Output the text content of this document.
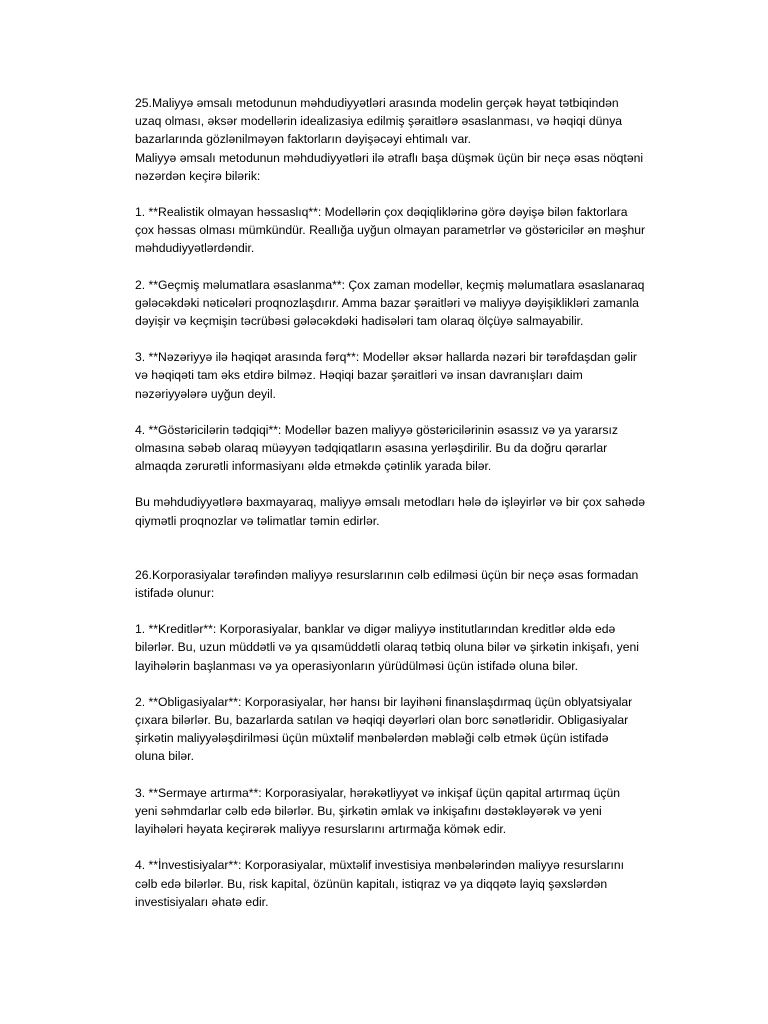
25.Maliyyə əmsalı metodunun məhdudiyyətləri arasında modelin gerçək həyat tətbiqindən
uzaq olması, əksər modellərin idealizasiya edilmiş şəraitlərə əsaslanması, və həqiqi dünya
bazarlarında gözlənilməyən faktorların dəyişəcəyi ehtimalı var.
Maliyyə əmsalı metodunun məhdudiyyətləri ilə ətraflı başa düşmək üçün bir neçə əsas nöqtəni
nəzərdən keçirə bilərik:

1. **Realistik olmayan həssaslıq**: Modellərin çox dəqiqliklərinə görə dəyişə bilən faktorlara
çox həssas olması mümkündür. Reallığa uyğun olmayan parametrlər və göstəricilər ən məşhur
məhdudiyyətlərdəndir.

2. **Geçmiş məlumatlara əsaslanma**: Çox zaman modellər, keçmiş məlumatlara əsaslanaraq
gələcəkdəki nəticələri proqnozlaşdırır. Amma bazar şəraitləri və maliyyə dəyişiklikləri zamanla
dəyişir və keçmişin təcrübəsi gələcəkdəki hadisələri tam olaraq ölçüyə salmayabilir.

3. **Nəzəriyyə ilə həqiqət arasında fərq**: Modellər əksər hallarda nəzəri bir tərəfdaşdan gəlir
və həqiqəti tam əks etdirə bilməz. Həqiqi bazar şəraitləri və insan davranışları daim
nəzəriyyələrə uyğun deyil.

4. **Göstəricilərin tədqiqi**: Modellər bazen maliyyə göstəricilərinin əsassız və ya yararsız
olmasına səbəb olaraq müəyyən tədqiqatların əsasına yerləşdirilir. Bu da doğru qərarlar
almaqda zərurətli informasiyanı əldə etməkdə çətinlik yarada bilər.

Bu məhdudiyyətlərə baxmayaraq, maliyyə əmsalı metodları hələ də işləyirlər və bir çox sahədə
qiymətli proqnozlar və təlimatlar təmin edirlər.

26.Korporasiyalar tərəfindən maliyyə resurslarının cəlb edilməsi üçün bir neçə əsas formadan
istifadə olunur:

1. **Kreditlər**: Korporasiyalar, banklar və digər maliyyə institutlarından kreditlər əldə edə
bilərlər. Bu, uzun müddətli və ya qısamüddətli olaraq tətbiq oluna bilər və şirkətin inkişafı, yeni
layihələrin başlanması və ya operasiyonların yürüdülməsi üçün istifadə oluna bilər.

2. **Obligasiyalar**: Korporasiyalar, hər hansı bir layihəni finanslaşdırmaq üçün oblyatsiyalar
çıxara bilərlər. Bu, bazarlarda satılan və həqiqi dəyərləri olan borc sənətləridir. Obligasiyalar
şirkətin maliyyələşdirilməsi üçün müxtəlif mənbələrdən məbləği cəlb etmək üçün istifadə
oluna bilər.

3. **Sermaye artırma**: Korporasiyalar, hərəkətliyyət və inkişaf üçün qapital artırmaq üçün
yeni səhmdarlar cəlb edə bilərlər. Bu, şirkətin əmlak və inkişafını dəstəkləyərək və yeni
layihələri həyata keçirərək maliyyə resurslarını artırmağa kömək edir.

4. **İnvestisiyalar**: Korporasiyalar, müxtəlif investisiya mənbələrindən maliyyə resurslarını
cəlb edə bilərlər. Bu, risk kapital, özünün kapitalı, istiqraz və ya diqqətə layiq şəxslərdən
investisiyaları əhatə edir.
